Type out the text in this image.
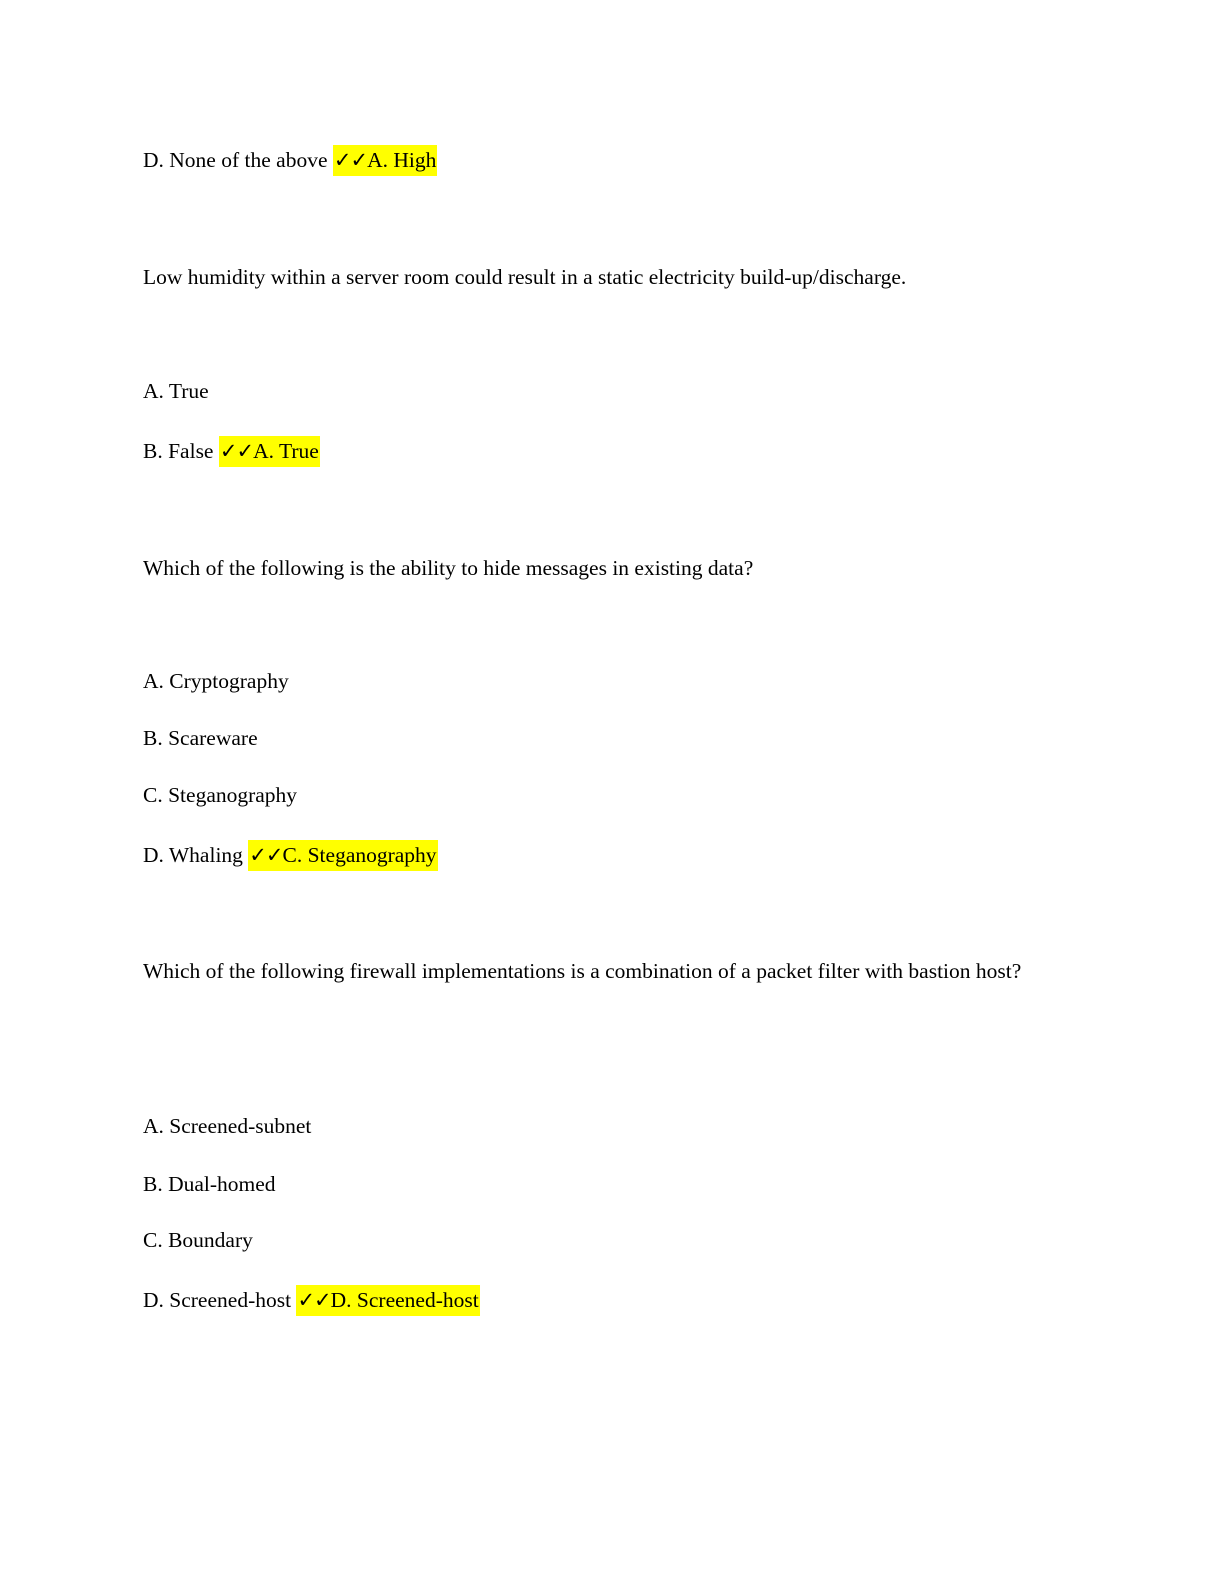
D. None of the above ✓✓A. High
Low humidity within a server room could result in a static electricity build-up/discharge.
A. True
B. False ✓✓A. True
Which of the following is the ability to hide messages in existing data?
A. Cryptography
B. Scareware
C. Steganography
D. Whaling ✓✓C. Steganography
Which of the following firewall implementations is a combination of a packet filter with bastion host?
A. Screened-subnet
B. Dual-homed
C. Boundary
D. Screened-host ✓✓D. Screened-host
